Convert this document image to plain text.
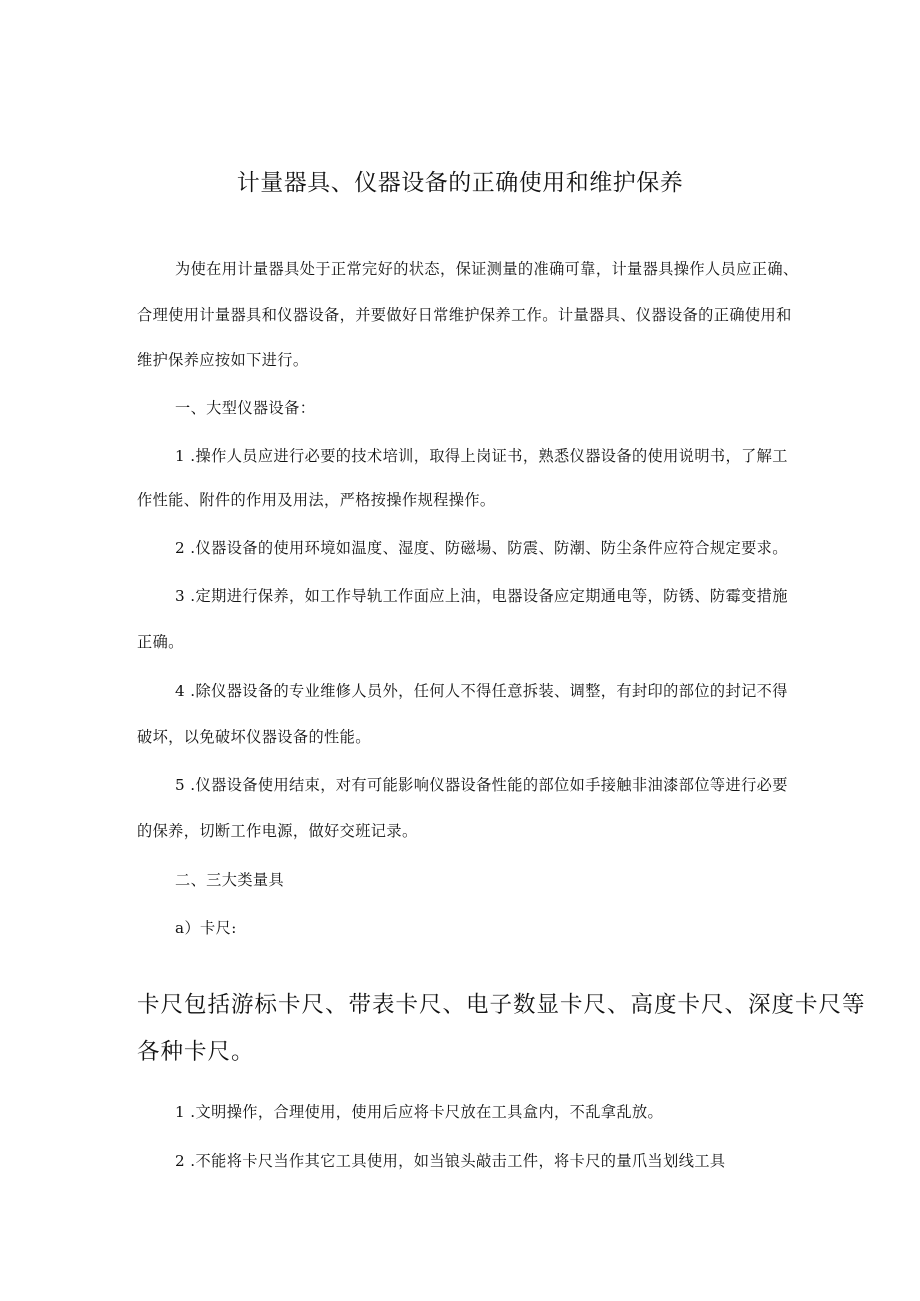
计量器具、仪器设备的正确使用和维护保养
为使在用计量器具处于正常完好的状态，保证测量的准确可靠，计量器具操作人员应正确、
合理使用计量器具和仪器设备，并要做好日常维护保养工作。计量器具、仪器设备的正确使用和
维护保养应按如下进行。
一、大型仪器设备：
1 .操作人员应进行必要的技术培训，取得上岗证书，熟悉仪器设备的使用说明书，了解工
作性能、附件的作用及用法，严格按操作规程操作。
2 .仪器设备的使用环境如温度、湿度、防磁場、防震、防潮、防尘条件应符合规定要求。
3 .定期进行保养，如工作导轨工作面应上油，电器设备应定期通电等，防锈、防霉变措施
正确。
4 .除仪器设备的专业维修人员外，任何人不得任意拆装、调整，有封印的部位的封记不得
破坏，以免破坏仪器设备的性能。
5 .仪器设备使用结束，对有可能影响仪器设备性能的部位如手接触非油漆部位等进行必要
的保养，切断工作电源，做好交班记录。
二、三大类量具
a）卡尺:
卡尺包括游标卡尺、带表卡尺、电子数显卡尺、高度卡尺、深度卡尺等
各种卡尺。
1 .文明操作，合理使用，使用后应将卡尺放在工具盒内，不乱拿乱放。
2 .不能将卡尺当作其它工具使用，如当锒头敲击工件，将卡尺的量爪当划线工具
